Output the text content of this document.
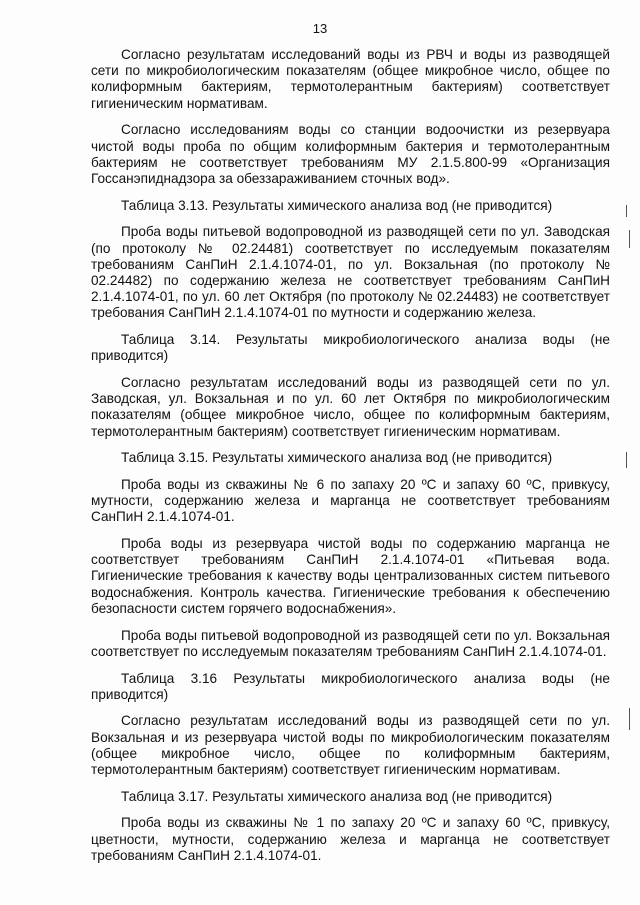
13

Согласно результатам исследований воды из РВЧ и воды из разводящей сети по микробиологическим показателям (общее микробное число, общее по колиформным бактериям, термотолерантным бактериям) соответствует гигиеническим нормативам.

Согласно исследованиям воды со станции водоочистки из резервуара чистой воды проба по общим колиформным бактерия и термотолерантным бактериям не соответствует требованиям МУ 2.1.5.800-99 «Организация Госсанэпиднадзора за обеззараживанием сточных вод».

Таблица 3.13. Результаты химического анализа вод (не приводится)

Проба воды питьевой водопроводной из разводящей сети по ул. Заводская (по протоколу № 02.24481) соответствует по исследуемым показателям требованиям СанПиН 2.1.4.1074-01, по ул. Вокзальная (по протоколу № 02.24482) по содержанию железа не соответствует требованиям СанПиН 2.1.4.1074-01, по ул. 60 лет Октября (по протоколу № 02.24483) не соответствует требования СанПиН 2.1.4.1074-01 по мутности и содержанию железа.

Таблица 3.14. Результаты микробиологического анализа воды (не приводится)

Согласно результатам исследований воды из разводящей сети по ул. Заводская, ул. Вокзальная и по ул. 60 лет Октября по микробиологическим показателям (общее микробное число, общее по колиформным бактериям, термотолерантным бактериям) соответствует гигиеническим нормативам.

Таблица 3.15. Результаты химического анализа вод (не приводится)

Проба воды из скважины № 6 по запаху 20 ºС и запаху 60 ºС, привкусу, мутности, содержанию железа и марганца не соответствует требованиям СанПиН 2.1.4.1074-01.

Проба воды из резервуара чистой воды по содержанию марганца не соответствует требованиям СанПиН 2.1.4.1074-01 «Питьевая вода. Гигиенические требования к качеству воды централизованных систем питьевого водоснабжения. Контроль качества. Гигиенические требования к обеспечению безопасности систем горячего водоснабжения».

Проба воды питьевой водопроводной из разводящей сети по ул. Вокзальная соответствует по исследуемым показателям требованиям СанПиН 2.1.4.1074-01.

Таблица 3.16 Результаты микробиологического анализа воды (не приводится)

Согласно результатам исследований воды из разводящей сети по ул. Вокзальная и из резервуара чистой воды по микробиологическим показателям (общее микробное число, общее по колиформным бактериям, термотолерантным бактериям) соответствует гигиеническим нормативам.

Таблица 3.17. Результаты химического анализа вод (не приводится)

Проба воды из скважины № 1 по запаху 20 ºС и запаху 60 ºС, привкусу, цветности, мутности, содержанию железа и марганца не соответствует требованиям СанПиН 2.1.4.1074-01.
